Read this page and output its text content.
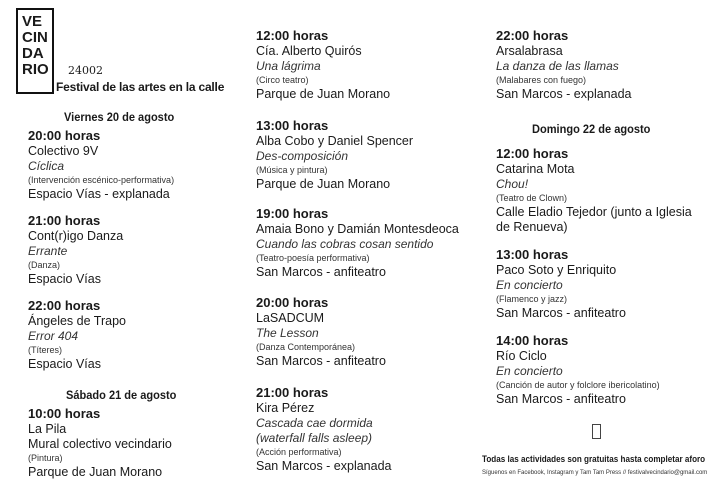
VE
CIN
DA
RIO	24002
Festival de las artes en la calle
Viernes 20 de agosto
20:00 horas
Colectivo 9V
Cíclica
(Intervención escénico-performativa)
Espacio Vías - explanada
21:00 horas
Cont(r)igo Danza
Errante
(Danza)
Espacio Vías
22:00 horas
Ángeles de Trapo
Error 404
(Títeres)
Espacio Vías
Sábado 21 de agosto
10:00 horas
La Pila
Mural colectivo vecindario
(Pintura)
Parque de Juan Morano
12:00 horas
Cía. Alberto Quirós
Una lágrima
(Circo teatro)
Parque de Juan Morano
13:00 horas
Alba Cobo y Daniel Spencer
Des-composición
(Música y pintura)
Parque de Juan Morano
19:00 horas
Amaia Bono y Damián Montesdeoca
Cuando las cobras cosan sentido
(Teatro-poesía performativa)
San Marcos - anfiteatro
20:00 horas
LaSADCUM
The Lesson
(Danza Contemporánea)
San Marcos - anfiteatro
21:00 horas
Kira Pérez
Cascada cae dormida
(waterfall falls asleep)
(Acción performativa)
San Marcos - explanada
22:00 horas
Arsalabrasa
La danza de las llamas
(Malabares con fuego)
San Marcos - explanada
Domingo 22 de agosto
12:00 horas
Catarina Mota
Chou!
(Teatro de Clown)
Calle Eladio Tejedor (junto a Iglesia
de Renueva)
13:00 horas
Paco Soto y Enriquito
En concierto
(Flamenco y jazz)
San Marcos - anfiteatro
14:00 horas
Río Ciclo
En concierto
(Canción de autor y folclore ibericolatino)
San Marcos - anfiteatro
Todas las actividades son gratuitas hasta completar aforo
Síguenos en Facebook, Instagram y Tam Tam Press // festivalvecindario@gmail.com
